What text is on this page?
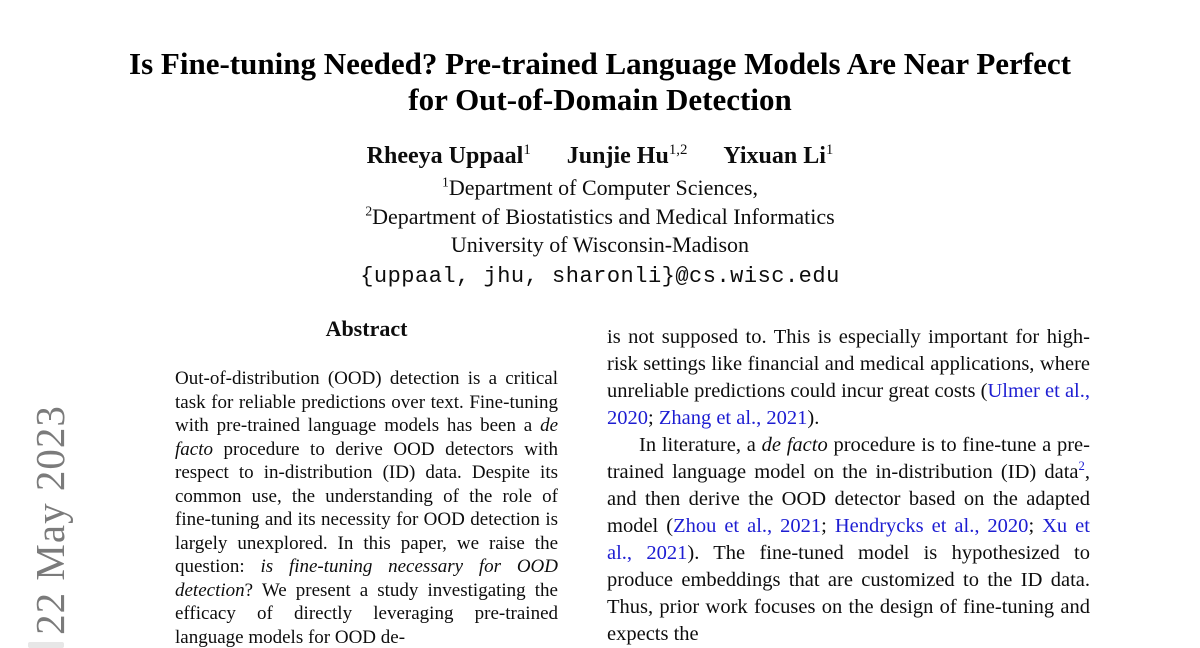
22 May 2023
Is Fine-tuning Needed? Pre-trained Language Models Are Near Perfect
for Out-of-Domain Detection
Rheeya Uppaal$^1$    Junjie Hu$^{1,2}$    Yixuan Li$^1$
$^1$Department of Computer Sciences,
$^2$Department of Biostatistics and Medical Informatics
University of Wisconsin-Madison
{uppaal, jhu, sharonli}@cs.wisc.edu
Abstract

Out-of-distribution (OOD) detection is a critical task for reliable predictions over text. Fine-tuning with pre-trained language models has been a de facto procedure to derive OOD detectors with respect to in-distribution (ID) data. Despite its common use, the understanding of the role of fine-tuning and its necessity for OOD detection is largely unexplored. In this paper, we raise the question: is fine-tuning necessary for OOD detection? We present a study investigating the efficacy of directly leveraging pre-trained language models for OOD de-

is not supposed to. This is especially important for high-risk settings like financial and medical applications, where unreliable predictions could incur great costs (Ulmer et al., 2020; Zhang et al., 2021).

In literature, a de facto procedure is to fine-tune a pre-trained language model on the in-distribution (ID) data$^2$, and then derive the OOD detector based on the adapted model (Zhou et al., 2021; Hendrycks et al., 2020; Xu et al., 2021). The fine-tuned model is hypothesized to produce embeddings that are customized to the ID data. Thus, prior work focuses on the design of fine-tuning and expects the
